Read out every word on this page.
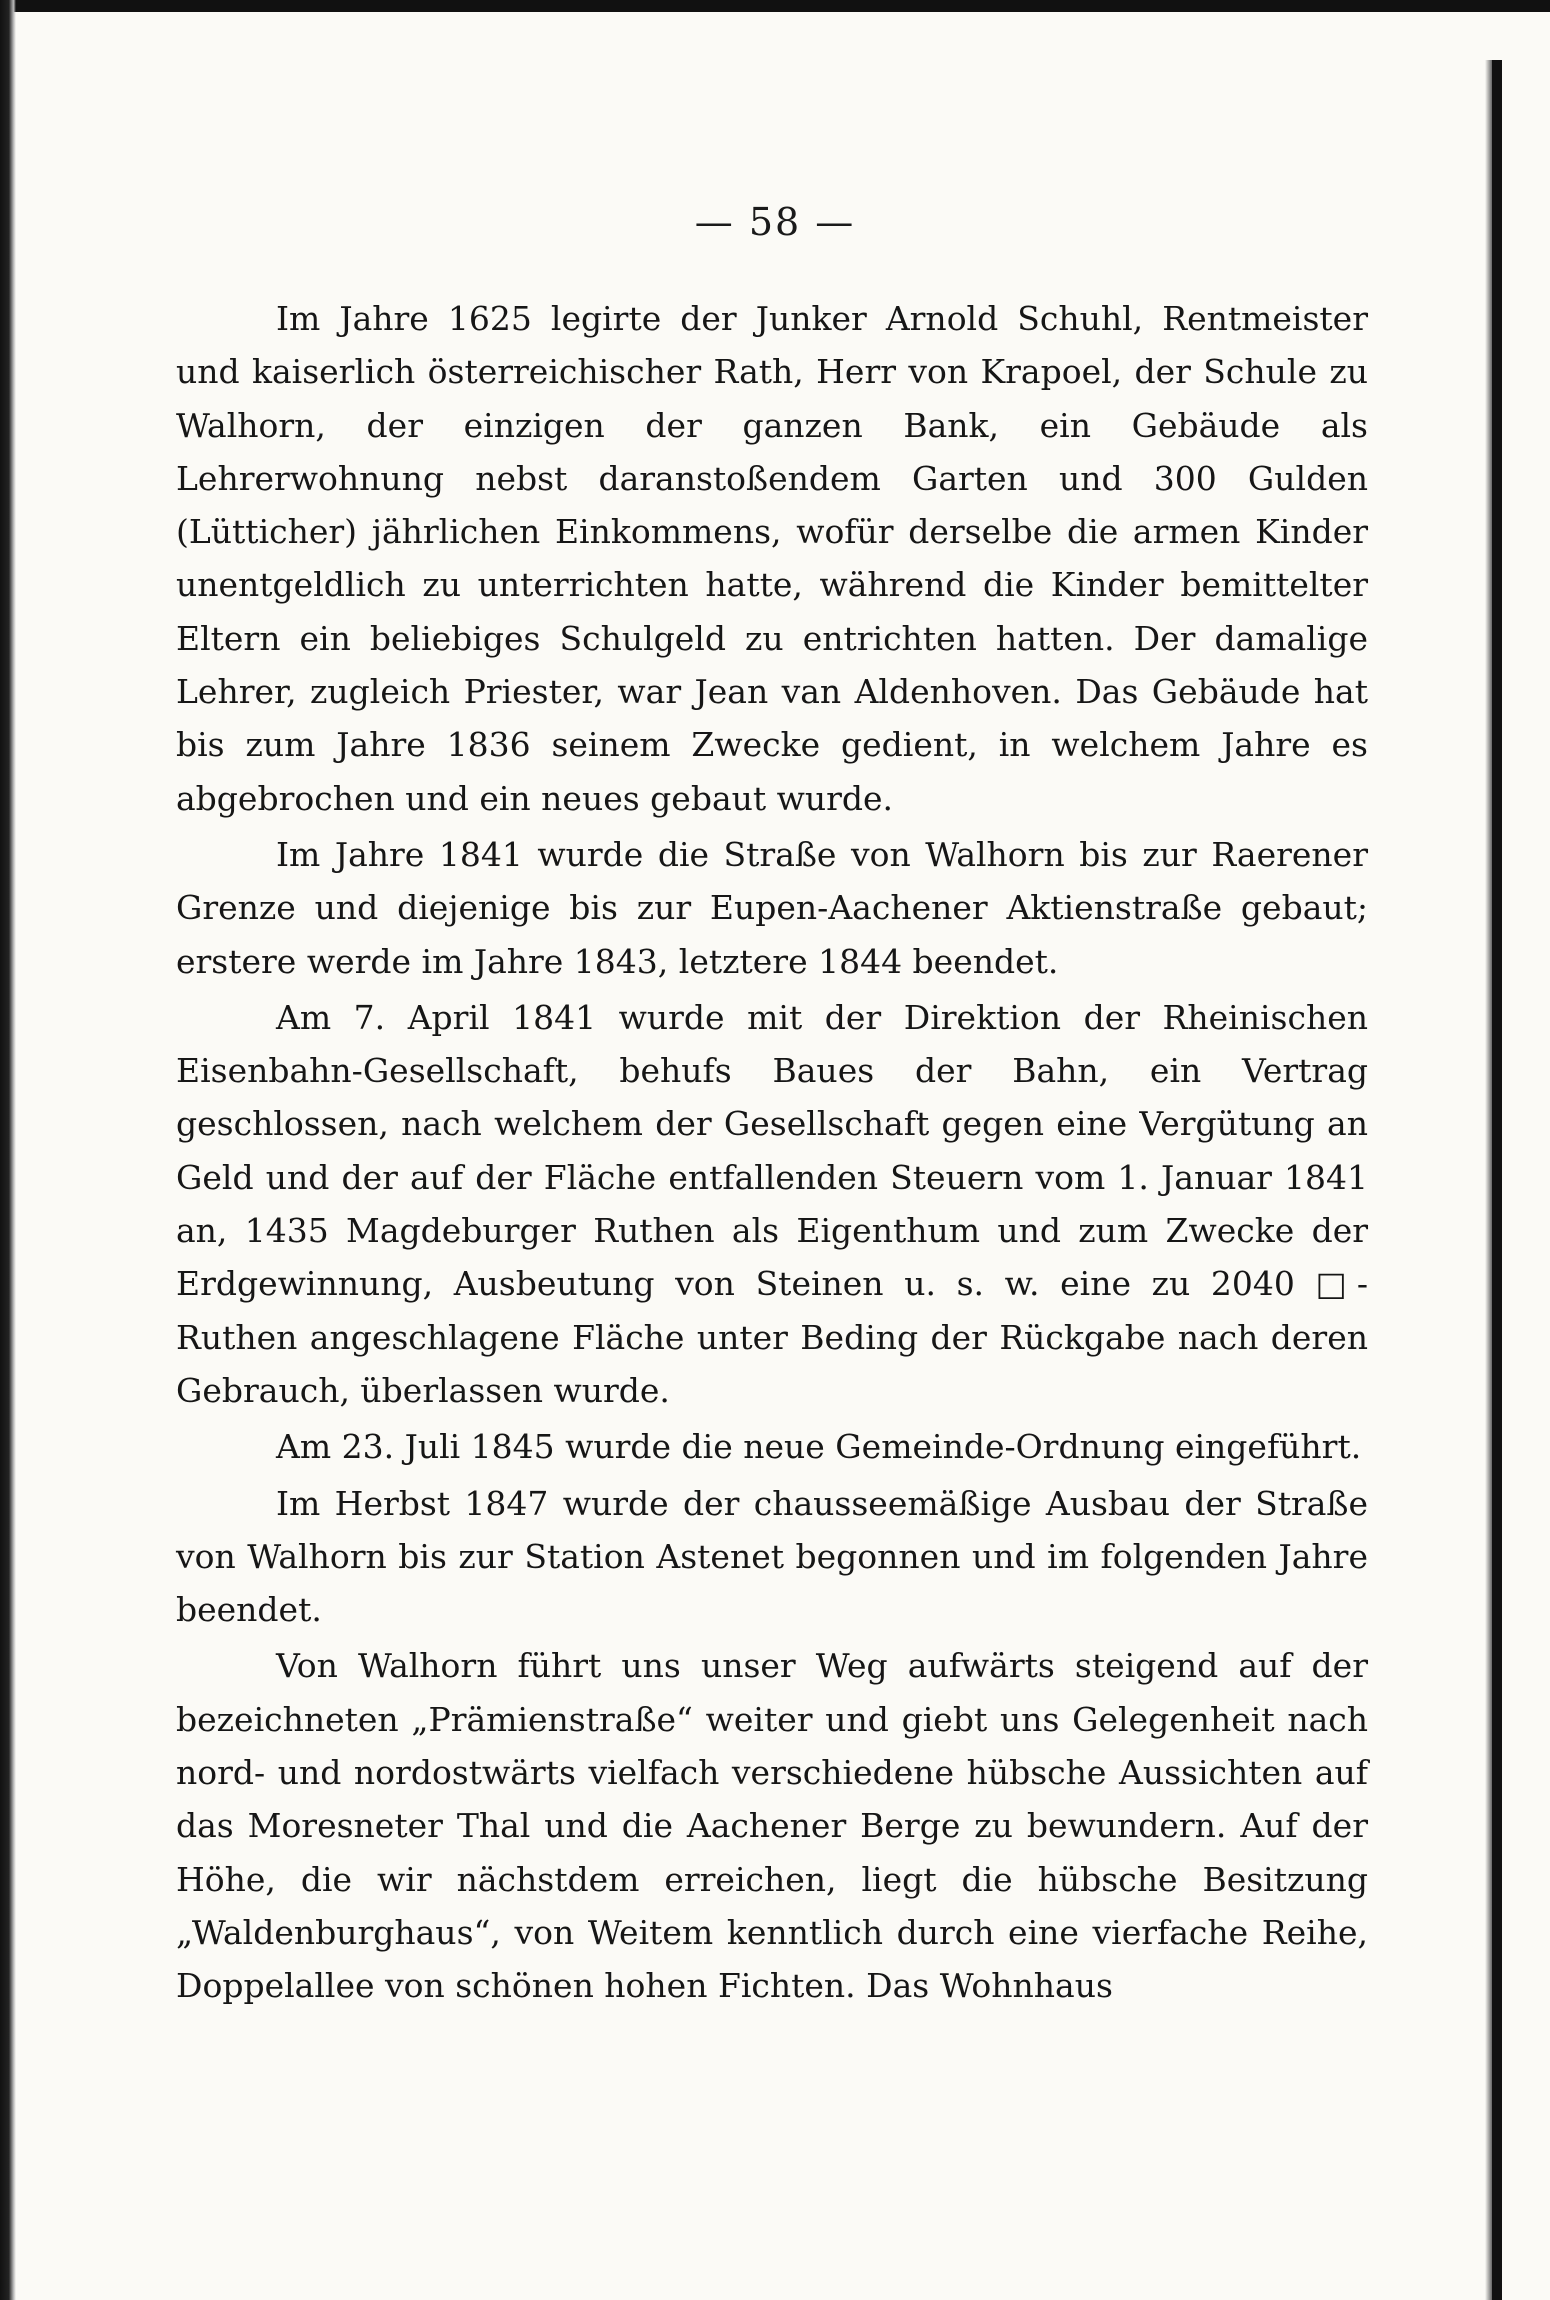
— 58 —

Im Jahre 1625 legirte der Junker Arnold Schuhl, Rentmeister und kaiserlich österreichischer Rath, Herr von Krapoel, der Schule zu Walhorn, der einzigen der ganzen Bank, ein Gebäude als Lehrerwohnung nebst daranstoßendem Garten und 300 Gulden (Lütticher) jährlichen Einkommens, wofür derselbe die armen Kinder unentgeldlich zu unterrichten hatte, während die Kinder bemittelter Eltern ein beliebiges Schulgeld zu entrichten hatten. Der damalige Lehrer, zugleich Priester, war Jean van Aldenhoven. Das Gebäude hat bis zum Jahre 1836 seinem Zwecke gedient, in welchem Jahre es abgebrochen und ein neues gebaut wurde.

Im Jahre 1841 wurde die Straße von Walhorn bis zur Raerener Grenze und diejenige bis zur Eupen-Aachener Aktienstraße gebaut; erstere werde im Jahre 1843, letztere 1844 beendet.

Am 7. April 1841 wurde mit der Direktion der Rheinischen Eisenbahn-Gesellschaft, behufs Baues der Bahn, ein Vertrag geschlossen, nach welchem der Gesellschaft gegen eine Vergütung an Geld und der auf der Fläche entfallenden Steuern vom 1. Januar 1841 an, 1435 Magdeburger Ruthen als Eigenthum und zum Zwecke der Erdgewinnung, Ausbeutung von Steinen u. s. w. eine zu 2040 □-Ruthen angeschlagene Fläche unter Beding der Rückgabe nach deren Gebrauch, überlassen wurde.

Am 23. Juli 1845 wurde die neue Gemeinde-Ordnung eingeführt.

Im Herbst 1847 wurde der chausseemäßige Ausbau der Straße von Walhorn bis zur Station Astenet begonnen und im folgenden Jahre beendet.

Von Walhorn führt uns unser Weg aufwärts steigend auf der bezeichneten „Prämienstraße“ weiter und giebt uns Gelegenheit nach nord- und nordostwärts vielfach verschiedene hübsche Aussichten auf das Moresneter Thal und die Aachener Berge zu bewundern. Auf der Höhe, die wir nächstdem erreichen, liegt die hübsche Besitzung „Waldenburghaus“, von Weitem kenntlich durch eine vierfache Reihe, Doppelallee von schönen hohen Fichten. Das Wohnhaus
